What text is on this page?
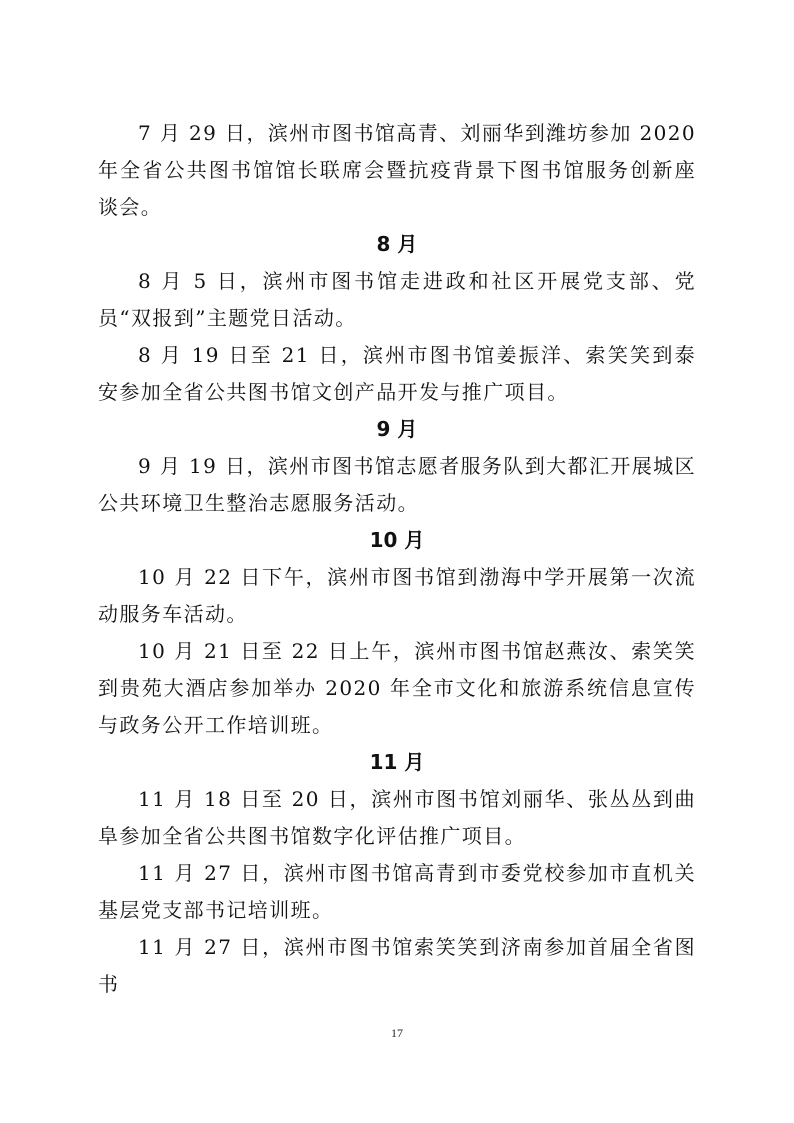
7 月 29 日，滨州市图书馆高青、刘丽华到潍坊参加 2020 年全省公共图书馆馆长联席会暨抗疫背景下图书馆服务创新座谈会。

8 月

8 月 5 日，滨州市图书馆走进政和社区开展党支部、党员“双报到”主题党日活动。

8 月 19 日至 21 日，滨州市图书馆姜振洋、索笑笑到泰安参加全省公共图书馆文创产品开发与推广项目。

9 月

9 月 19 日，滨州市图书馆志愿者服务队到大都汇开展城区公共环境卫生整治志愿服务活动。

10 月

10 月 22 日下午，滨州市图书馆到渤海中学开展第一次流动服务车活动。

10 月 21 日至 22 日上午，滨州市图书馆赵燕汝、索笑笑到贵苑大酒店参加举办 2020 年全市文化和旅游系统信息宣传与政务公开工作培训班。

11 月

11 月 18 日至 20 日，滨州市图书馆刘丽华、张丛丛到曲阜参加全省公共图书馆数字化评估推广项目。

11 月 27 日，滨州市图书馆高青到市委党校参加市直机关基层党支部书记培训班。

11 月 27 日，滨州市图书馆索笑笑到济南参加首届全省图书

17
